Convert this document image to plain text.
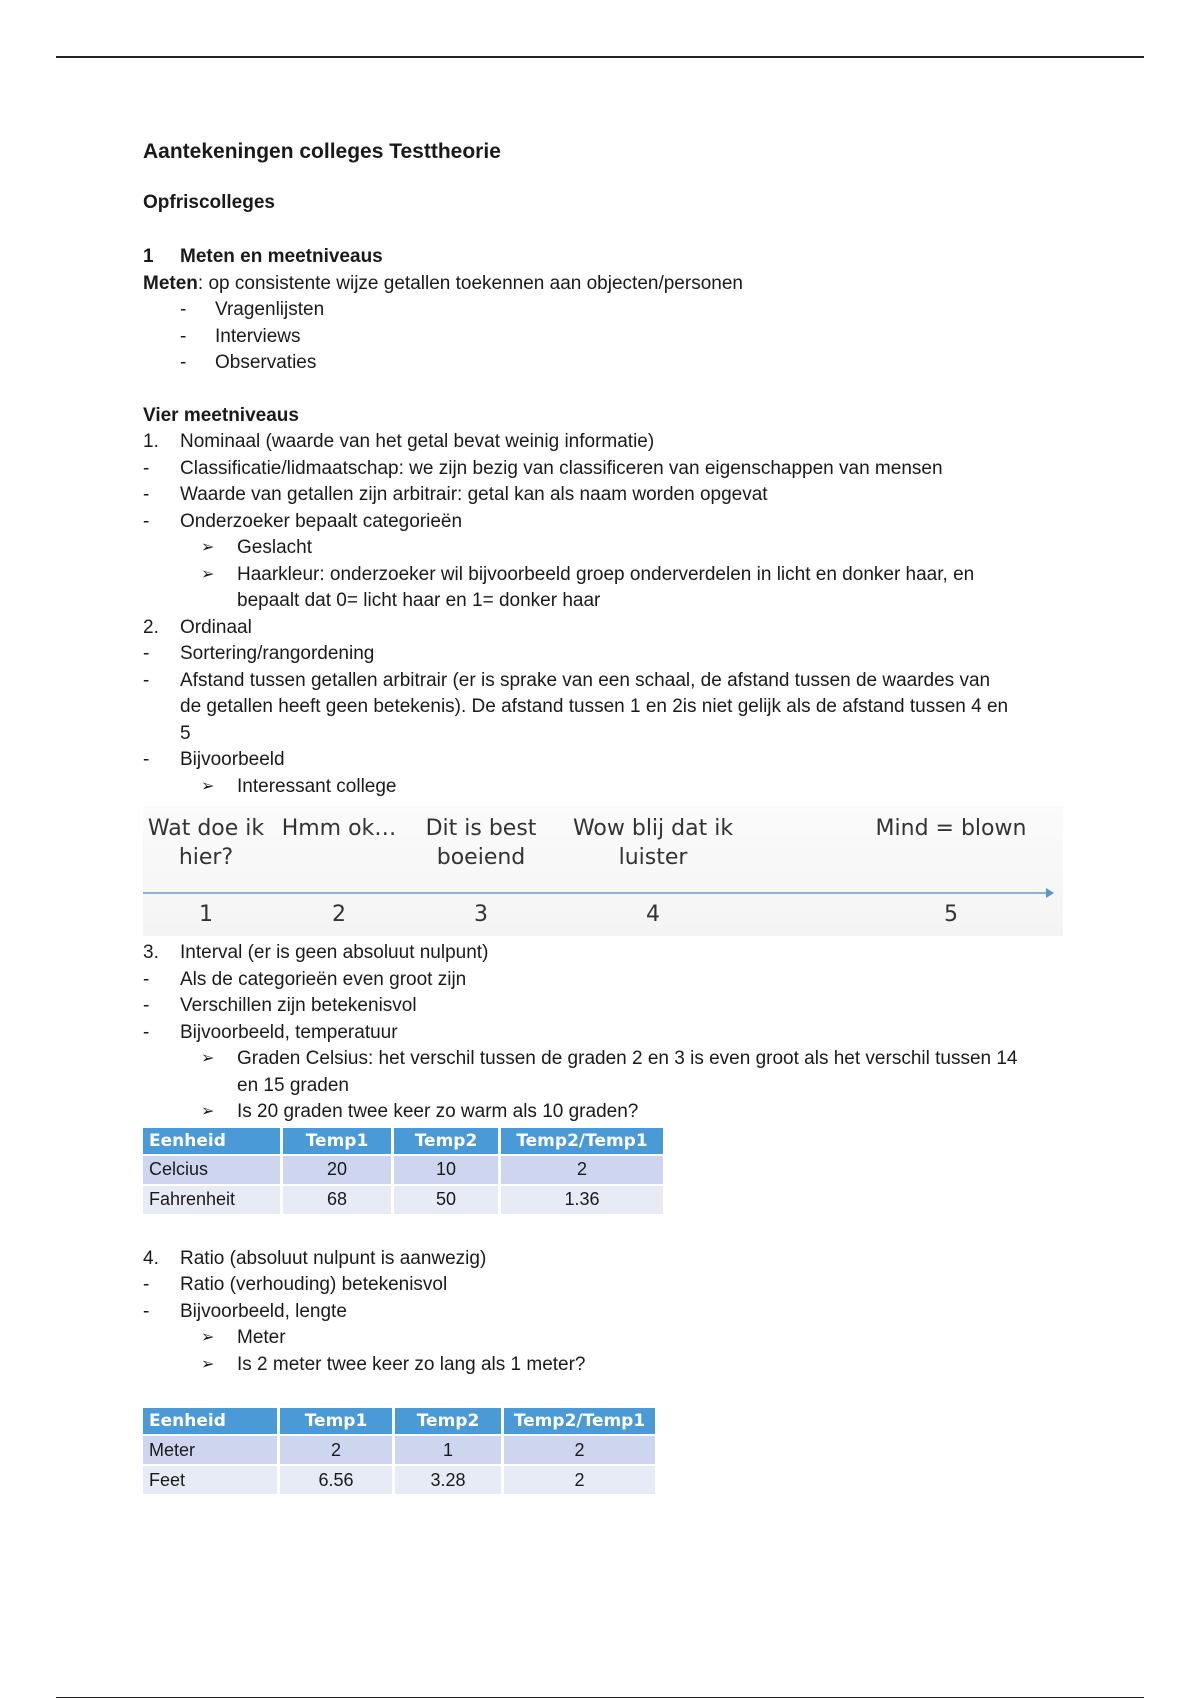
Aantekeningen colleges Testtheorie
Opfriscolleges
1 Meten en meetniveaus
Meten: op consistente wijze getallen toekennen aan objecten/personen
- Vragenlijsten
- Interviews
- Observaties
Vier meetniveaus
1. Nominaal (waarde van het getal bevat weinig informatie)
- Classificatie/lidmaatschap: we zijn bezig van classificeren van eigenschappen van mensen
- Waarde van getallen zijn arbitrair: getal kan als naam worden opgevat
- Onderzoeker bepaalt categorieën
➢ Geslacht
➢ Haarkleur: onderzoeker wil bijvoorbeeld groep onderverdelen in licht en donker haar, en
bepaalt dat 0= licht haar en 1= donker haar
2. Ordinaal
- Sortering/rangordening
- Afstand tussen getallen arbitrair (er is sprake van een schaal, de afstand tussen de waardes van
de getallen heeft geen betekenis). De afstand tussen 1 en 2is niet gelijk als de afstand tussen 4 en
5
- Bijvoorbeeld
➢ Interessant college
Wat doe ik
hier?
Hmm ok… Dit is best
boeiend
Wow blij dat ik
luister
Mind = blown
1	2	3	4	5
3. Interval (er is geen absoluut nulpunt)
- Als de categorieën even groot zijn
- Verschillen zijn betekenisvol
- Bijvoorbeeld, temperatuur
➢ Graden Celsius: het verschil tussen de graden 2 en 3 is even groot als het verschil tussen 14
en 15 graden
➢ Is 20 graden twee keer zo warm als 10 graden?
Eenheid	Temp1	Temp2	Temp2/Temp1
Celcius	20	10	2
Fahrenheit	68	50	1.36
4. Ratio (absoluut nulpunt is aanwezig)
- Ratio (verhouding) betekenisvol
- Bijvoorbeeld, lengte
➢ Meter
➢ Is 2 meter twee keer zo lang als 1 meter?
Eenheid	Temp1	Temp2	Temp2/Temp1
Meter	2	1	2
Feet	6.56	3.28	2
